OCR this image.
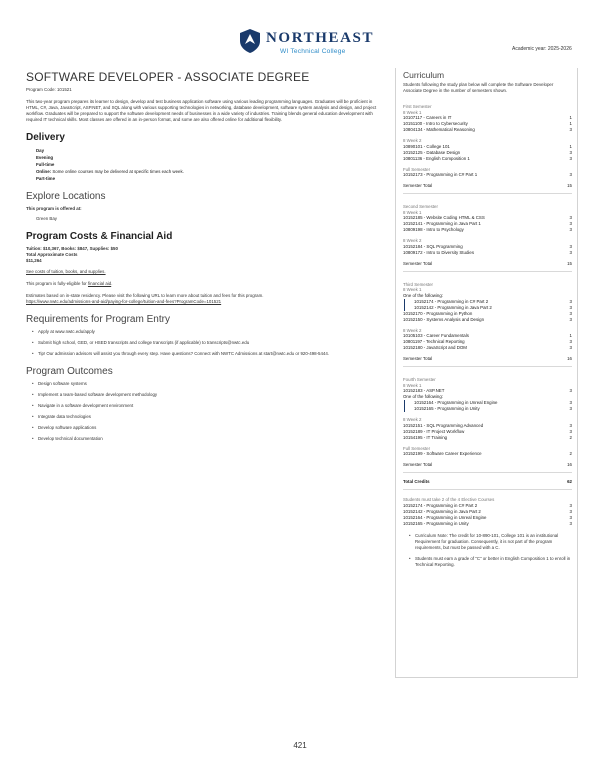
NORTHEAST
WI Technical College	Academic year: 2025-2026
SOFTWARE DEVELOPER - ASSOCIATE DEGREE
Program Code: 101521
This two-year program prepares its learner to design, develop and test business application software using various leading programming languages. Graduates will be proficient in HTML, C#, Java, JavaScript, ASP.NET, and SQL along with various supporting technologies in networking, database development, software system analysis and design, and project workflow. Graduates will be prepared to support the software development needs of businesses in a wide variety of industries. Training blends general education development with required IT technical skills. Most classes are offered in an in-person format, and some are also offered online for additional flexibility.
Delivery
Day
Evening
Full-time
Online: Some online courses may be delivered at specific times each week.
Part-time
Explore Locations
This program is offered at:
Green Bay
Program Costs & Financial Aid
Tuition: $10,367, Books: $847, Supplies: $50
Total Approximate Costs
$11,264
See costs of tuition, books, and supplies.
This program is fully-eligible for financial aid.
Estimates based on in-state residency. Please visit the following URL to learn more about tuition and fees for this program.
https://www.nwtc.edu/admissions-and-aid/paying-for-college/tuition-and-fees?ProgramCode=101521
Requirements for Program Entry
• Apply at www.nwtc.edu/apply
• Submit high school, GED, or HSED transcripts and college transcripts (if applicable) to transcripts@nwtc.edu
• Tip! Our admission advisors will assist you through every step. Have questions? Connect with NWTC Admissions at start@nwtc.edu or 920-498-5444.
Program Outcomes
• Design software systems
• Implement a team-based software development methodology
• Navigate in a software development environment
• Integrate data technologies
• Develop software applications
• Develop technical documentation
Curriculum
Students following the study plan below will complete the Software Developer Associate Degree in the number of semesters shown.
First Semester
8 Week 1
10107117 - Careers in IT	1
10151100 - Intro to Cybersecurity	1
10804134 - Mathematical Reasoning	3
8 Week 2
10890101 - College 101	1
10152125 - Database Design	3
10801136 - English Composition 1	3
Full Semester
10152173 - Programming in C# Part 1	3
Semester Total	15
Second Semester
8 Week 1
10152185 - Website Coding HTML & CSS	3
10152141 - Programming in Java Part 1	3
10809198 - Intro to Psychology	3
8 Week 2
10152184 - SQL Programming	3
10809172 - Intro to Diversity Studies	3
Semester Total	15
Third Semester
8 Week 1
One of the following:
10152174 - Programming in C# Part 2	3
10152142 - Programming in Java Part 2	3
10152170 - Programming in Python	3
10152150 - Systems Analysis and Design	3
8 Week 2
10105103 - Career Fundamentals	1
10801197 - Technical Reporting	3
10152180 - JavaScript and DOM	3
Semester Total	16
Fourth Semester
8 Week 1
10152183 - ASP.NET	3
One of the following:
10152164 - Programming in Unreal Engine	3
10152165 - Programming in Unity	3
8 Week 2
10152151 - SQL Programming Advanced	3
10152189 - IT Project Workflow	3
10154195 - IT Training	2
Full Semester
10152199 - Software Career Experience	2
Semester Total	16
Total Credits	62
Students must take 2 of the 4 Elective Courses
10152174 - Programming in C# Part 2	3
10152142 - Programming in Java Part 2	3
10152164 - Programming in Unreal Engine	3
10152165 - Programming in Unity	3
• Curriculum Note: The credit for 10-890-101, College 101 is an institutional Requirement for graduation. Consequently, it is not part of the program requirements, but must be passed with a C.
• Students must earn a grade of "C" or better in English Composition 1 to enroll in Technical Reporting.
421
